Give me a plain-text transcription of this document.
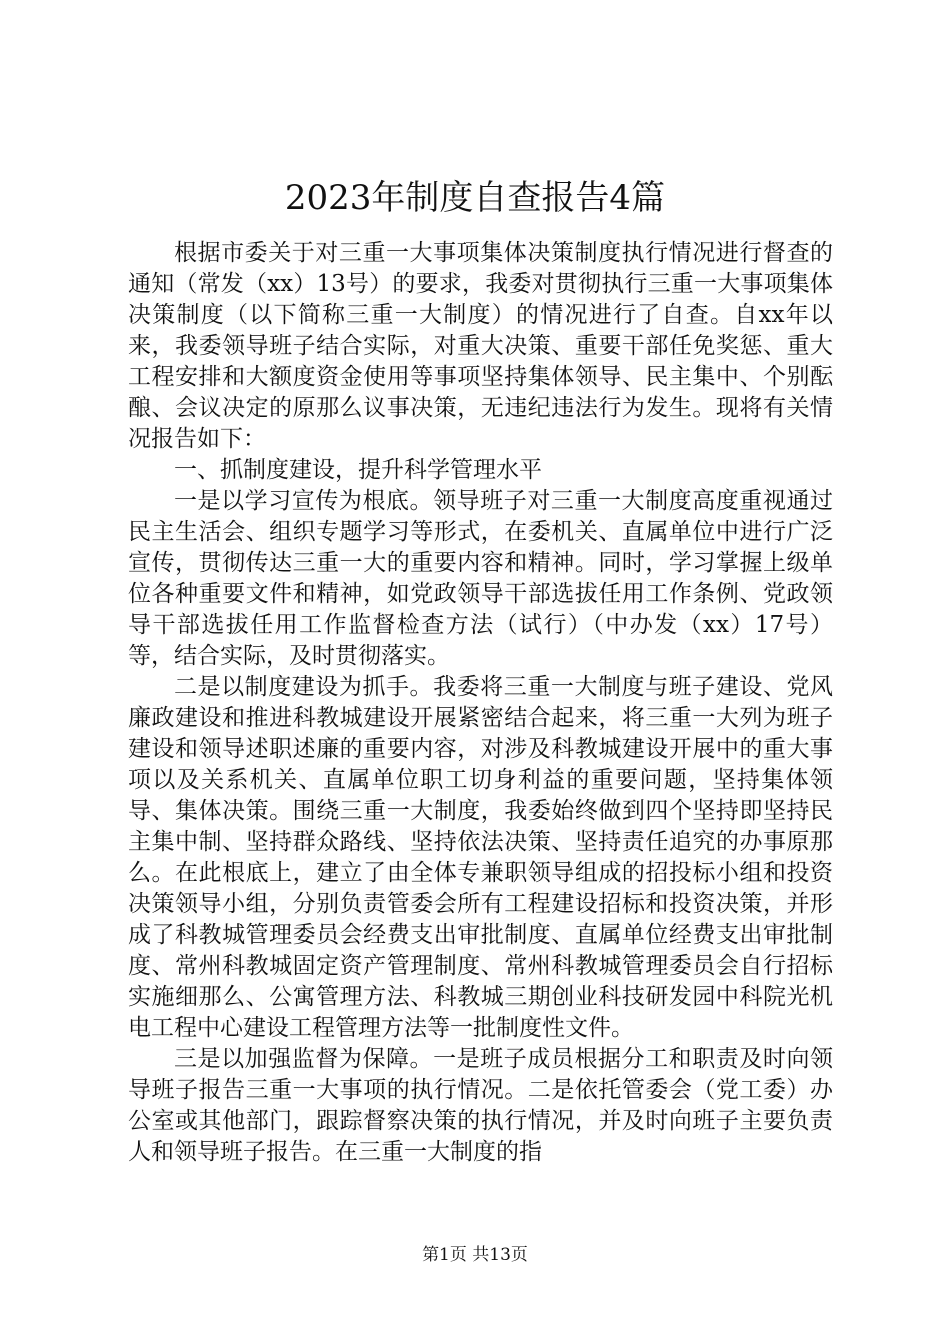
2023年制度自查报告4篇

根据市委关于对三重一大事项集体决策制度执行情况进行督查的通知（常发（xx）13号）的要求，我委对贯彻执行三重一大事项集体决策制度（以下简称三重一大制度）的情况进行了自查。自xx年以来，我委领导班子结合实际，对重大决策、重要干部任免奖惩、重大工程安排和大额度资金使用等事项坚持集体领导、民主集中、个别酝酿、会议决定的原那么议事决策，无违纪违法行为发生。现将有关情况报告如下：

一、抓制度建设，提升科学管理水平

一是以学习宣传为根底。领导班子对三重一大制度高度重视通过民主生活会、组织专题学习等形式，在委机关、直属单位中进行广泛宣传，贯彻传达三重一大的重要内容和精神。同时，学习掌握上级单位各种重要文件和精神，如党政领导干部选拔任用工作条例、党政领导干部选拔任用工作监督检查方法（试行）（中办发（xx）17号）等，结合实际，及时贯彻落实。

二是以制度建设为抓手。我委将三重一大制度与班子建设、党风廉政建设和推进科教城建设开展紧密结合起来，将三重一大列为班子建设和领导述职述廉的重要内容，对涉及科教城建设开展中的重大事项以及关系机关、直属单位职工切身利益的重要问题，坚持集体领导、集体决策。围绕三重一大制度，我委始终做到四个坚持即坚持民主集中制、坚持群众路线、坚持依法决策、坚持责任追究的办事原那么。在此根底上，建立了由全体专兼职领导组成的招投标小组和投资决策领导小组，分别负责管委会所有工程建设招标和投资决策，并形成了科教城管理委员会经费支出审批制度、直属单位经费支出审批制度、常州科教城固定资产管理制度、常州科教城管理委员会自行招标实施细那么、公寓管理方法、科教城三期创业科技研发园中科院光机电工程中心建设工程管理方法等一批制度性文件。

三是以加强监督为保障。一是班子成员根据分工和职责及时向领导班子报告三重一大事项的执行情况。二是依托管委会（党工委）办公室或其他部门，跟踪督察决策的执行情况，并及时向班子主要负责人和领导班子报告。在三重一大制度的指

第1页 共13页
